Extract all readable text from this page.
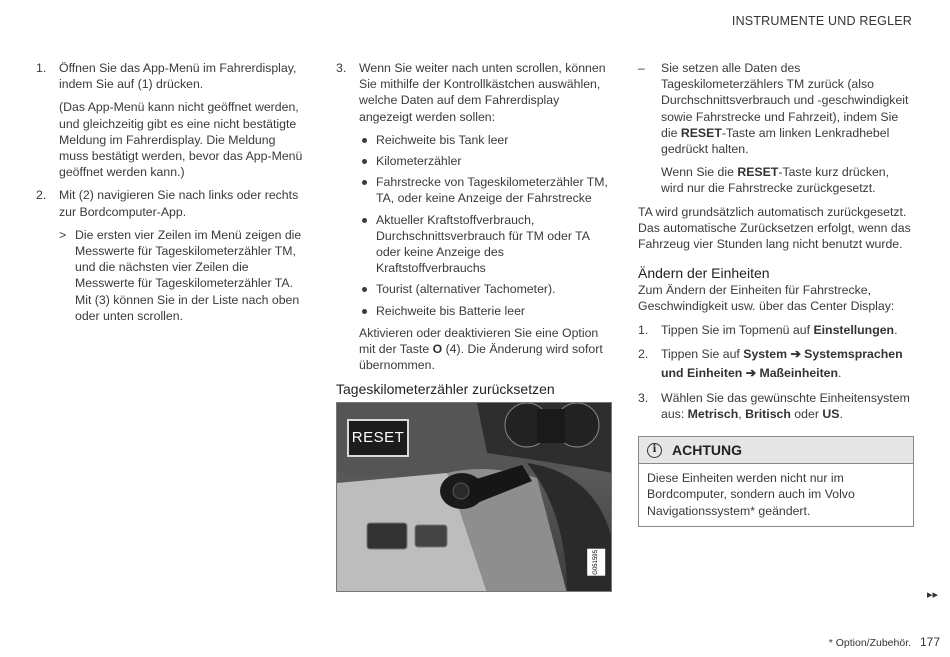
INSTRUMENTE UND REGLER
1. Öffnen Sie das App-Menü im Fahrerdisplay, indem Sie auf (1) drücken.
(Das App-Menü kann nicht geöffnet werden, und gleichzeitig gibt es eine nicht bestätigte Meldung im Fahrerdisplay. Die Meldung muss bestätigt werden, bevor das App-Menü geöffnet werden kann.)
2. Mit (2) navigieren Sie nach links oder rechts zur Bordcomputer-App.
> Die ersten vier Zeilen im Menü zeigen die Messwerte für Tageskilometerzähler TM, und die nächsten vier Zeilen die Messwerte für Tageskilometerzähler TA. Mit (3) können Sie in der Liste nach oben oder unten scrollen.
3. Wenn Sie weiter nach unten scrollen, können Sie mithilfe der Kontrollkästchen auswählen, welche Daten auf dem Fahrerdisplay angezeigt werden sollen:
Reichweite bis Tank leer
Kilometerzähler
Fahrstrecke von Tageskilometerzähler TM, TA, oder keine Anzeige der Fahrstrecke
Aktueller Kraftstoffverbrauch, Durchschnittsverbrauch für TM oder TA oder keine Anzeige des Kraftstoffverbrauchs
Tourist (alternativer Tachometer).
Reichweite bis Batterie leer
Aktivieren oder deaktivieren Sie eine Option mit der Taste O (4). Die Änderung wird sofort übernommen.
Tageskilometerzähler zurücksetzen
RESET
G051595
– Sie setzen alle Daten des Tageskilometerzählers TM zurück (also Durchschnittsverbrauch und -geschwindigkeit sowie Fahrstrecke und Fahrzeit), indem Sie die RESET-Taste am linken Lenkradhebel gedrückt halten.
Wenn Sie die RESET-Taste kurz drücken, wird nur die Fahrstrecke zurückgesetzt.
TA wird grundsätzlich automatisch zurückgesetzt. Das automatische Zurücksetzen erfolgt, wenn das Fahrzeug vier Stunden lang nicht benutzt wurde.
Ändern der Einheiten
Zum Ändern der Einheiten für Fahrstrecke, Geschwindigkeit usw. über das Center Display:
1. Tippen Sie im Topmenü auf Einstellungen.
2. Tippen Sie auf System ➔ Systemsprachen und Einheiten ➔ Maßeinheiten.
3. Wählen Sie das gewünschte Einheitensystem aus: Metrisch, Britisch oder US.
i	ACHTUNG
Diese Einheiten werden nicht nur im Bordcomputer, sondern auch im Volvo Navigationssystem* geändert.
▸▸
* Option/Zubehör. 177
